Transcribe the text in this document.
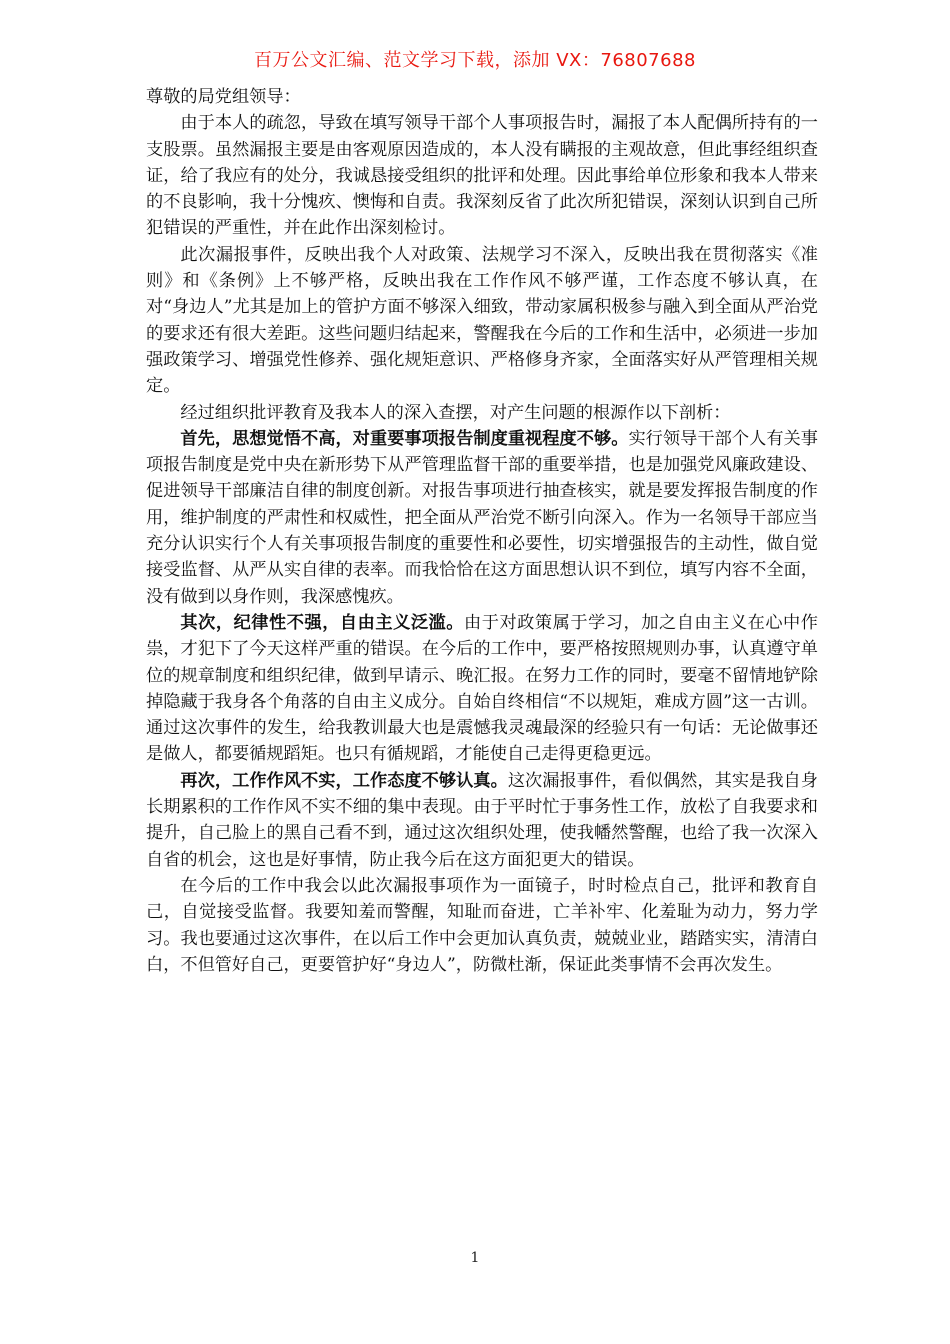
百万公文汇编、范文学习下载，添加 VX：76807688

尊敬的局党组领导：

由于本人的疏忽，导致在填写领导干部个人事项报告时，漏报了本人配偶所持有的一支股票。虽然漏报主要是由客观原因造成的，本人没有瞒报的主观故意，但此事经组织查证，给了我应有的处分，我诚恳接受组织的批评和处理。因此事给单位形象和我本人带来的不良影响，我十分愧疚、懊悔和自责。我深刻反省了此次所犯错误，深刻认识到自己所犯错误的严重性，并在此作出深刻检讨。

此次漏报事件，反映出我个人对政策、法规学习不深入，反映出我在贯彻落实《准则》和《条例》上不够严格，反映出我在工作作风不够严谨，工作态度不够认真，在对“身边人”尤其是加上的管护方面不够深入细致，带动家属积极参与融入到全面从严治党的要求还有很大差距。这些问题归结起来，警醒我在今后的工作和生活中，必须进一步加强政策学习、增强党性修养、强化规矩意识、严格修身齐家，全面落实好从严管理相关规定。

经过组织批评教育及我本人的深入查摆，对产生问题的根源作以下剖析：

首先，思想觉悟不高，对重要事项报告制度重视程度不够。实行领导干部个人有关事项报告制度是党中央在新形势下从严管理监督干部的重要举措，也是加强党风廉政建设、促进领导干部廉洁自律的制度创新。对报告事项进行抽查核实，就是要发挥报告制度的作用，维护制度的严肃性和权威性，把全面从严治党不断引向深入。作为一名领导干部应当充分认识实行个人有关事项报告制度的重要性和必要性，切实增强报告的主动性，做自觉接受监督、从严从实自律的表率。而我恰恰在这方面思想认识不到位，填写内容不全面，没有做到以身作则，我深感愧疚。

其次，纪律性不强，自由主义泛滥。由于对政策属于学习，加之自由主义在心中作祟，才犯下了今天这样严重的错误。在今后的工作中，要严格按照规则办事，认真遵守单位的规章制度和组织纪律，做到早请示、晚汇报。在努力工作的同时，要毫不留情地铲除掉隐藏于我身各个角落的自由主义成分。自始自终相信“不以规矩，难成方圆”这一古训。通过这次事件的发生，给我教训最大也是震憾我灵魂最深的经验只有一句话：无论做事还是做人，都要循规蹈矩。也只有循规蹈，才能使自己走得更稳更远。

再次，工作作风不实，工作态度不够认真。这次漏报事件，看似偶然，其实是我自身长期累积的工作作风不实不细的集中表现。由于平时忙于事务性工作，放松了自我要求和提升，自己脸上的黑自己看不到，通过这次组织处理，使我幡然警醒，也给了我一次深入自省的机会，这也是好事情，防止我今后在这方面犯更大的错误。

在今后的工作中我会以此次漏报事项作为一面镜子，时时检点自己，批评和教育自己，自觉接受监督。我要知羞而警醒，知耻而奋进，亡羊补牢、化羞耻为动力，努力学习。我也要通过这次事件，在以后工作中会更加认真负责，兢兢业业，踏踏实实，清清白白，不但管好自己，更要管护好“身边人”，防微杜渐，保证此类事情不会再次发生。

1
